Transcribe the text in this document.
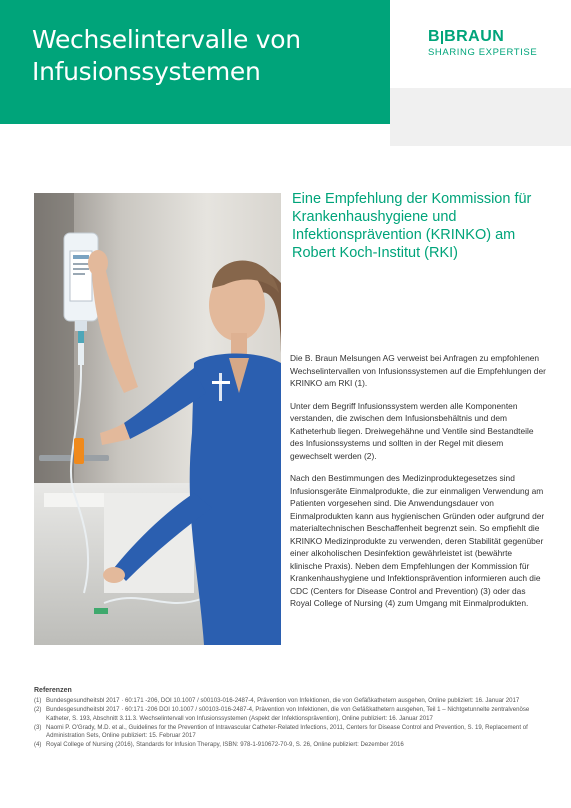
Wechselintervalle von
Infusionssystemen
B BRAUN
SHARING EXPERTISE
Eine Empfehlung der Kommission für Krankenhaushygiene und Infektionsprävention (KRINKO) am Robert Koch-Institut (RKI)

Die B. Braun Melsungen AG verweist bei Anfragen zu empfohlenen Wechselintervallen von Infusionssystemen auf die Empfehlungen der KRINKO am RKI (1).

Unter dem Begriff Infusionssystem werden alle Komponenten verstanden, die zwischen dem Infusionsbehältnis und dem Katheterhub liegen. Dreiwegehähne und Ventile sind Bestandteile des Infusionssystems und sollten in der Regel mit diesem gewechselt werden (2).

Nach den Bestimmungen des Medizinproduktegesetzes sind Infusionsgeräte Einmalprodukte, die zur einmaligen Verwendung am Patienten vorgesehen sind. Die Anwendungsdauer von Einmalprodukten kann aus hygienischen Gründen oder aufgrund der materialtechnischen Beschaffenheit begrenzt sein. So empfiehlt die KRINKO Medizinprodukte zu verwenden, deren Stabilität gegenüber einer alkoholischen Desinfektion gewährleistet ist (bewährte klinische Praxis). Neben dem Empfehlungen der Kommission für Krankenhaushygiene und Infektionsprävention informieren auch die CDC (Centers for Disease Control and Prevention) (3) oder das Royal College of Nursing (4) zum Umgang mit Einmalprodukten.

Referenzen
(1) Bundesgesundheitsbl 2017 · 60:171 -206, DOI 10.1007 / s00103-016-2487-4, Prävention von Infektionen, die von Gefäßkathetern ausgehen, Online publiziert: 16. Januar 2017
(2) Bundesgesundheitsbl 2017 · 60:171 -206 DOI 10.1007 / s00103-016-2487-4, Prävention von Infektionen, die von Gefäßkathetern ausgehen, Teil 1 – Nichtgetunnelte zentralvenöse Katheter, S. 193, Abschnitt 3.11.3. Wechselintervall von Infusionssystemen (Aspekt der Infektionsprävention), Online publiziert: 16. Januar 2017
(3) Naomi P. O'Grady, M.D. et al., Guidelines for the Prevention of Intravascular Catheter-Related Infections, 2011, Centers for Disease Control and Prevention, S. 19, Replacement of Administration Sets, Online publiziert: 15. Februar 2017
(4) Royal College of Nursing (2016), Standards for Infusion Therapy, ISBN: 978-1-910672-70-9, S. 26, Online publiziert: Dezember 2016
